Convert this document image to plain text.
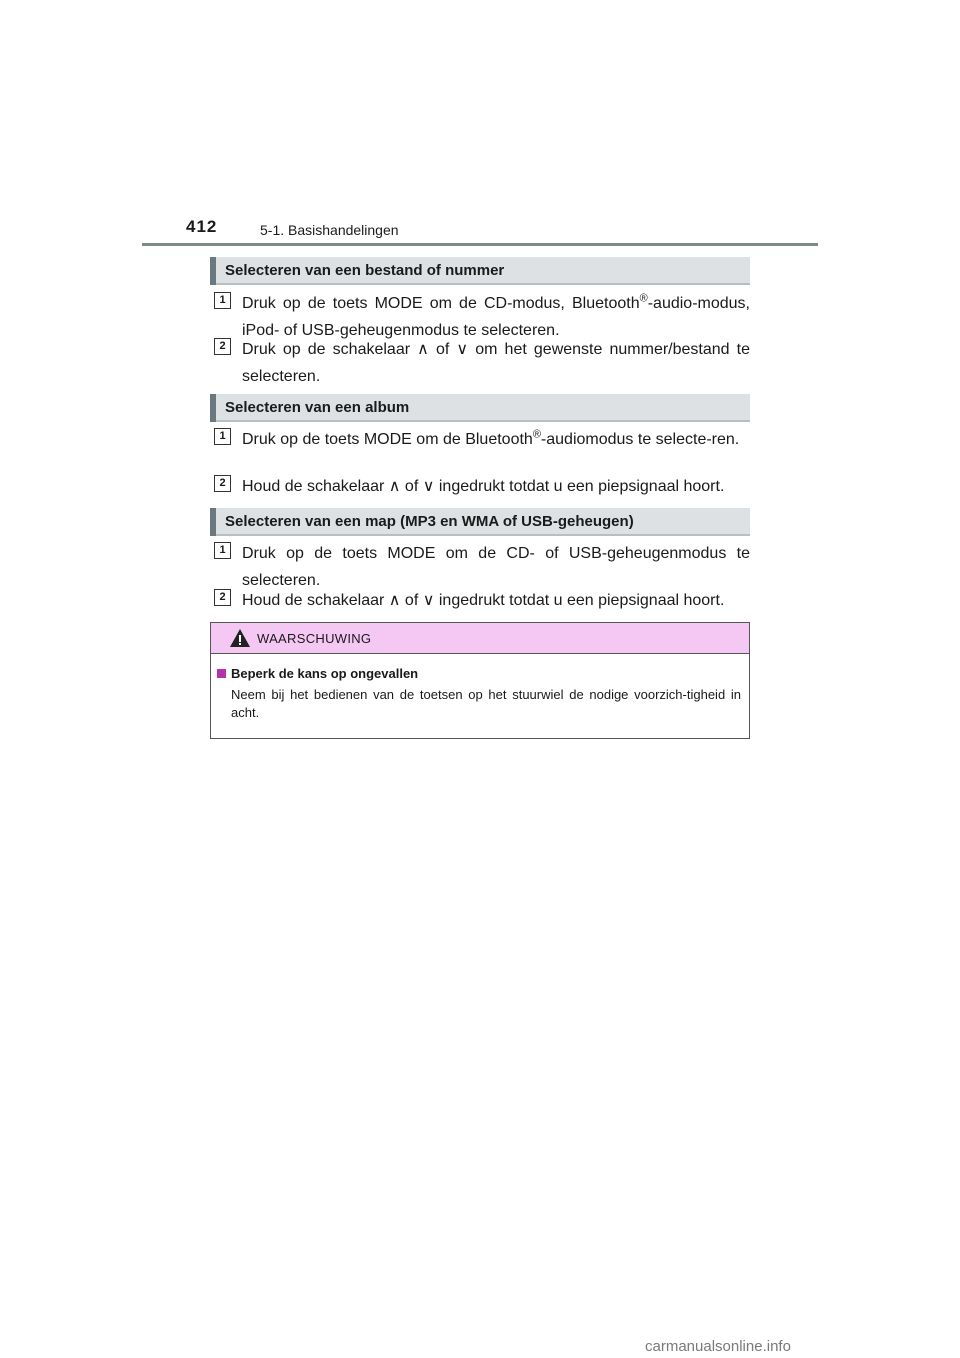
412	5-1. Basishandelingen
Selecteren van een bestand of nummer
1	Druk op de toets MODE om de CD-modus, Bluetooth®-audio-modus, iPod- of USB-geheugenmodus te selecteren.
2	Druk op de schakelaar ∧ of ∨ om het gewenste nummer/bestand te selecteren.
Selecteren van een album
1	Druk op de toets MODE om de Bluetooth®-audiomodus te selecte-ren.
2	Houd de schakelaar ∧ of ∨ ingedrukt totdat u een piepsignaal hoort.
Selecteren van een map (MP3 en WMA of USB-geheugen)
1	Druk op de toets MODE om de CD- of USB-geheugenmodus te selecteren.
2	Houd de schakelaar ∧ of ∨ ingedrukt totdat u een piepsignaal hoort.
WAARSCHUWING
Beperk de kans op ongevallen
Neem bij het bedienen van de toetsen op het stuurwiel de nodige voorzich-tigheid in acht.
carmanualsonline.info
